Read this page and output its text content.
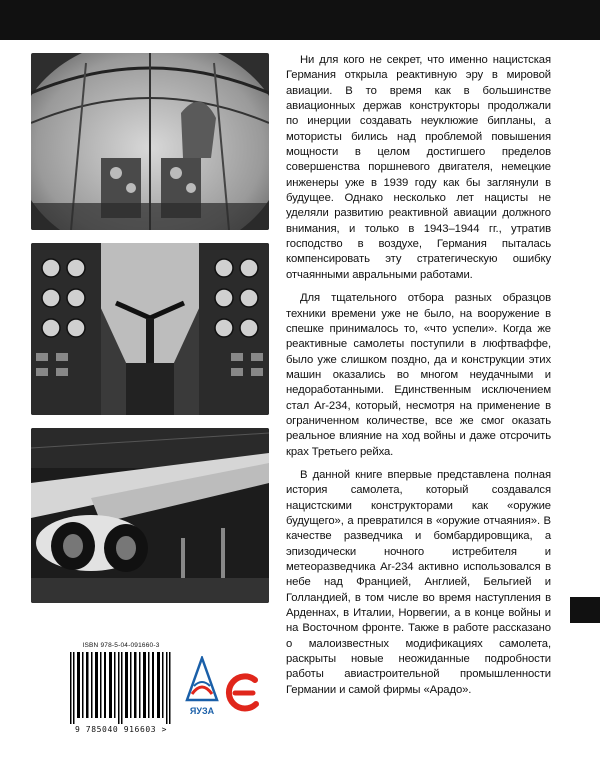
Ни для кого не секрет, что именно нацистская Германия открыла реактивную эру в мировой авиации. В то время как в большинстве авиационных держав конструкторы продолжали по инерции создавать неуклюжие бипланы, а мотористы бились над проблемой повышения мощности в целом достигшего пределов совершенства поршневого двигателя, немецкие инженеры уже в 1939 году как бы заглянули в будущее. Однако несколько лет нацисты не уделяли развитию реактивной авиации должного внимания, и только в 1943–1944 гг., утратив господство в воздухе, Германия пыталась компенсировать эту стратегическую ошибку отчаянными авральными работами.

Для тщательного отбора разных образцов техники времени уже не было, на вооружение в спешке принималось то, «что успели». Когда же реактивные самолеты поступили в люфтваффе, было уже слишком поздно, да и конструкции этих машин оказались во многом неудачными и недоработанными. Единственным исключением стал Ar-234, который, несмотря на применение в ограниченном количестве, все же смог оказать реальное влияние на ход войны и даже отсрочить крах Третьего рейха.

В данной книге впервые представлена полная история самолета, который создавался нацистскими конструкторами как «оружие будущего», а превратился в «оружие отчаяния». В качестве разведчика и бомбардировщика, а эпизодически ночного истребителя и метеоразведчика Ar-234 активно использовался в небе над Францией, Англией, Бельгией и Голландией, в том числе во время наступления в Арденнах, в Италии, Норвегии, а в конце войны и на Восточном фронте. Также в работе рассказано о малоизвестных модификациях самолета, раскрыты новые неожиданные подробности работы авиастроительной промышленности Германии и самой фирмы «Арадо».

ISBN 978-5-04-091660-3
9 785040 916603 >
ЯУЗА
